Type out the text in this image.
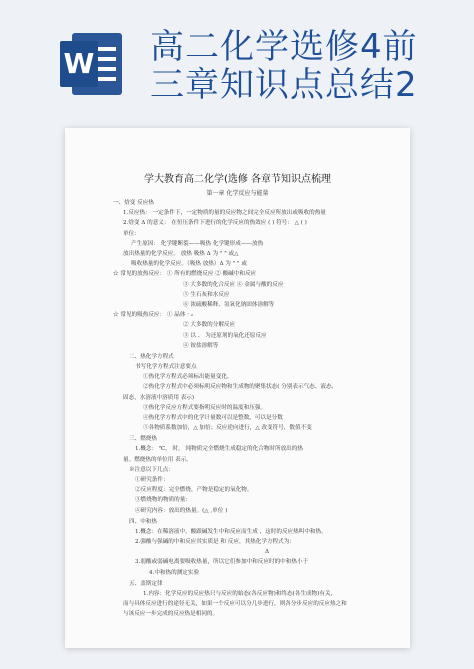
W 高二化学选修4前
三章知识点总结2
学大教育高二化学(选修 各章节知识点梳理
第一章 化学反应与能量
一、焓变 反应热
1.反应热： 一定条件下，一定物质的量的反应物之间完全反应所放出或吸收的热量
2.焓变 Δ 的意义： 在恒压条件下进行的化学反应的热效应 ( ) 符号： △ ( )
单位：
产生原因： 化学键断裂——吸热 化学键形成——放热
放出热量的化学反应。 放热 吸热 Δ 为 " " 或△
吸收热量的化学反应。（吸热 放热）Δ 为 " " 或
☆ 常见的放热反应： ① 所有的燃烧反应 ② 酸碱中和反应
③ 大多数的化合反应 ④ 金属与酸的反应
⑤ 生石灰和水反应
⑥ 浓硫酸稀释、氢氧化钠固体溶解等
☆ 常见的吸热反应： ① 晶体 · ₂
② 大多数的分解反应
③ 以 、 为还原剂的氧化还原反应
④ 铵盐溶解等
二、热化学方程式
书写化学方程式注意要点
①热化学方程式必须标出能量变化。
②热化学方程式中必须标明反应物和生成物的聚集状态( 分别表示气态、液态、
固态，水溶液中溶质用 表示)
③热化学反应方程式要指明反应时的温度和压强。
④热化学方程式中的化学计量数可以是整数，可以是分数
⑤各物质系数加倍，△ 加倍；反应逆向进行，△ 改变符号，数值不变
三、燃烧热
1.概念： ℃， 时， 纯物质完全燃烧生成稳定的化合物时所放出的热
量。燃烧热的单位用 表示。
※注意以下几点：
①研究条件：
②反应程度：完全燃烧，产物是稳定的氧化物。
③燃烧物的物质的量：
④研究内容：放出的热量。(△ ,单位 )
四、中和热
1.概念：在稀溶液中，酸跟碱发生中和反应而生成 ，这时的反应热叫中和热。
2.强酸与强碱的中和反应其实质是 和 反应，其热化学方程式为：
Δ
3.弱酸或弱碱电离要吸收热量，所以它们参加中和反应时的中和热小于
4.中和热的测定实验
五、盖斯定律
1.内容：化学反应的反应热只与反应的始态(各反应物)和终态(各生成物)有关，
而与具体反应进行的途径无关，如果一个反应可以分几步进行，则各分步反应的反应热之和
与该反应一步完成的反应热是相同的。
